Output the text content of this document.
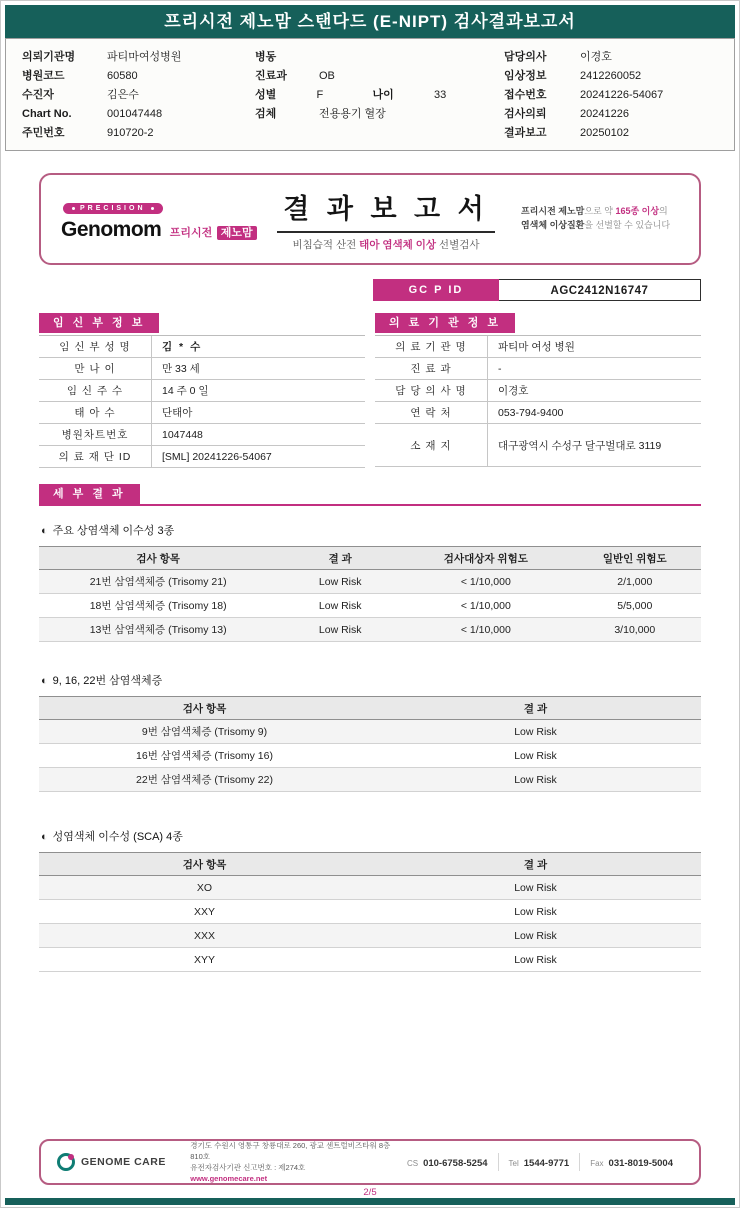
프리시전 제노맘 스탠다드 (E-NIPT) 검사결과보고서
의뢰기관명	파티마여성병원
병원코드	60580
수진자	김은수
Chart No.	001047448
주민번호	910720-2
병동
진료과	OB
성별	F	나이	33
검체	전용용기 혈장
담당의사	이경호
임상정보	2412260052
접수번호	20241226-54067
검사의뢰	20241226
결과보고	20250102
PRECISION
Genomom 프리시전 제노맘
결 과 보 고 서
비침습적 산전 태아 염색체 이상 선별검사
프리시전 제노맘으로 약 165종 이상의
염색체 이상질환을 선별할 수 있습니다
GC P ID	AGC2412N16747
임 신 부 정 보
임 신 부 성 명	김 * 수
만 나 이	만 33 세
임 신 주 수	14 주 0 일
태 아 수	단태아
병원차트번호	1047448
의 료 재 단 ID	[SML] 20241226-54067
의 료 기 관 정 보
의 료 기 관 명	파티마 여성 병원
진 료 과	-
담 당 의 사 명	이경호
연 락 처	053-794-9400
소 재 지	대구광역시 수성구 달구벌대로 3119
세 부 결 과
◐ 주요 상염색체 이수성 3종
검사 항목	결 과	검사대상자 위험도	일반인 위험도
21번 삼염색체증 (Trisomy 21)	Low Risk	< 1/10,000	2/1,000
18번 삼염색체증 (Trisomy 18)	Low Risk	< 1/10,000	5/5,000
13번 삼염색체증 (Trisomy 13)	Low Risk	< 1/10,000	3/10,000
◐ 9, 16, 22번 삼염색체증
검사 항목	결 과
9번 삼염색체증 (Trisomy 9)	Low Risk
16번 삼염색체증 (Trisomy 16)	Low Risk
22번 삼염색체증 (Trisomy 22)	Low Risk
◐ 성염색체 이수성 (SCA) 4종
검사 항목	결 과
XO	Low Risk
XXY	Low Risk
XXX	Low Risk
XYY	Low Risk
GENOME CARE
경기도 수원시 영통구 창룡대로 260, 광교 센트럴비즈타워 8층 810호
유전자검사기관 신고번호 : 제274호
www.genomecare.net
CS 010-6758-5254	Tel 1544-9771	Fax 031-8019-5004
2/5
